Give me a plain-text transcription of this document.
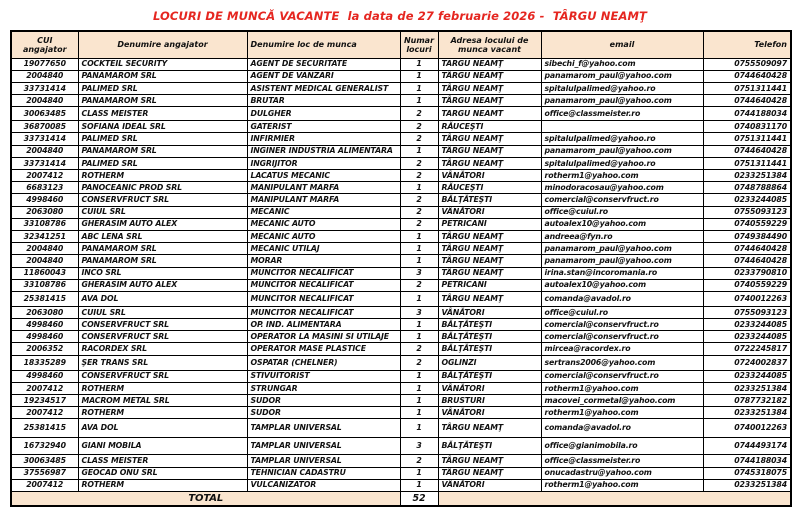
LOCURI DE MUNCĂ VACANTE  la data de 27 februarie 2026 -  TÂRGU NEAMŢ
CUI angajator	Denumire angajator	Denumire loc de munca	Numar locuri	Adresa locului de munca vacant	email	Telefon
19077650	COCKTEIL SECURITY	AGENT DE SECURITATE	1	TARGU NEAMŢ	sibechi_f@yahoo.com	0755509097
2004840	PANAMAROM SRL	AGENT DE VANZARI	1	TÂRGU NEAMŢ	panamarom_paul@yahoo.com	0744640428
33731414	PALIMED SRL	ASISTENT MEDICAL GENERALIST	1	TÂRGU NEAMŢ	spitalulpalimed@yahoo.ro	0751311441
2004840	PANAMAROM SRL	BRUTAR	1	TÂRGU NEAMŢ	panamarom_paul@yahoo.com	0744640428
30063485	CLASS MEISTER	DULGHER	2	TARGU NEAMT	office@classmeister.ro	0744188034
36870085	SOFIANA IDEAL SRL	GATERIST	2	RĂUCEŞTI		0740831170
33731414	PALIMED SRL	INFIRMIER	2	TÂRGU NEAMŢ	spitalulpalimed@yahoo.ro	0751311441
2004840	PANAMAROM SRL	INGINER INDUSTRIA ALIMENTARA	1	TÂRGU NEAMŢ	panamarom_paul@yahoo.com	0744640428
33731414	PALIMED SRL	INGRIJITOR	2	TÂRGU NEAMŢ	spitalulpalimed@yahoo.ro	0751311441
2007412	ROTHERM	LACATUS MECANIC	2	VÂNĂTORI	rotherm1@yahoo.com	0233251384
6683123	PANOCEANIC PROD SRL	MANIPULANT MARFA	1	RĂUCEŞTI	minodoracosau@yahoo.com	0748788864
4998460	CONSERVFRUCT SRL	MANIPULANT MARFA	2	BĂLŢĂTEŞTI	comercial@conservfruct.ro	0233244085
2063080	CUIUL SRL	MECANIC	2	VÂNĂTORI	office@cuiul.ro	0755093123
33108786	GHERASIM AUTO ALEX	MECANIC AUTO	2	PETRICANI	autoalex10@yahoo.com	0740559229
32341251	ABC LENA SRL	MECANIC AUTO	1	TÂRGU NEAMŢ	andreea@fyn.ro	0749384490
2004840	PANAMAROM SRL	MECANIC UTILAJ	1	TÂRGU NEAMŢ	panamarom_paul@yahoo.com	0744640428
2004840	PANAMAROM SRL	MORAR	1	TÂRGU NEAMŢ	panamarom_paul@yahoo.com	0744640428
11860043	INCO SRL	MUNCITOR NECALIFICAT	3	TÂRGU NEAMŢ	irina.stan@incoromania.ro	0233790810
33108786	GHERASIM AUTO ALEX	MUNCITOR NECALIFICAT	2	PETRICANI	autoalex10@yahoo.com	0740559229
25381415	AVA DOL	MUNCITOR NECALIFICAT	1	TÂRGU NEAMŢ	comanda@avadol.ro	0740012263
2063080	CUIUL SRL	MUNCITOR NECALIFICAT	3	VÂNĂTORI	office@cuiul.ro	0755093123
4998460	CONSERVFRUCT SRL	OP. IND. ALIMENTARA	1	BĂLŢĂTEŞTI	comercial@conservfruct.ro	0233244085
4998460	CONSERVFRUCT SRL	OPERATOR LA MASINI SI UTILAJE	1	BĂLŢĂTEŞTI	comercial@conservfruct.ro	0233244085
2006352	RACORDEX SRL	OPERATOR MASE PLASTICE	2	BĂLŢĂTEŞTI	mircea@racordex.ro	0722245817
18335289	ŞER TRANS SRL	OSPATAR (CHELNER)	2	OGLINZI	sertrans2006@yahoo.com	0724002837
4998460	CONSERVFRUCT SRL	STIVUITORIST	1	BĂLŢĂTEŞTI	comercial@conservfruct.ro	0233244085
2007412	ROTHERM	STRUNGAR	1	VÂNĂTORI	rotherm1@yahoo.com	0233251384
19234517	MACROM METAL SRL	SUDOR	1	BRUSTURI	macovei_cormetal@yahoo.com	0787732182
2007412	ROTHERM	SUDOR	1	VÂNĂTORI	rotherm1@yahoo.com	0233251384
25381415	AVA DOL	TAMPLAR UNIVERSAL	1	TÂRGU NEAMŢ	comanda@avadol.ro	0740012263
16732940	GIANI MOBILA	TAMPLAR UNIVERSAL	3	BĂLŢĂTEŞTI	office@gianimobila.ro	0744493174
30063485	CLASS MEISTER	TAMPLAR UNIVERSAL	2	TÂRGU NEAMŢ	office@classmeister.ro	0744188034
37556987	GEOCAD ONU SRL	TEHNICIAN CADASTRU	1	TÂRGU NEAMŢ	onucadastru@yahoo.com	0745318075
2007412	ROTHERM	VULCANIZATOR	1	VÂNĂTORI	rotherm1@yahoo.com	0233251384
TOTAL			52			
